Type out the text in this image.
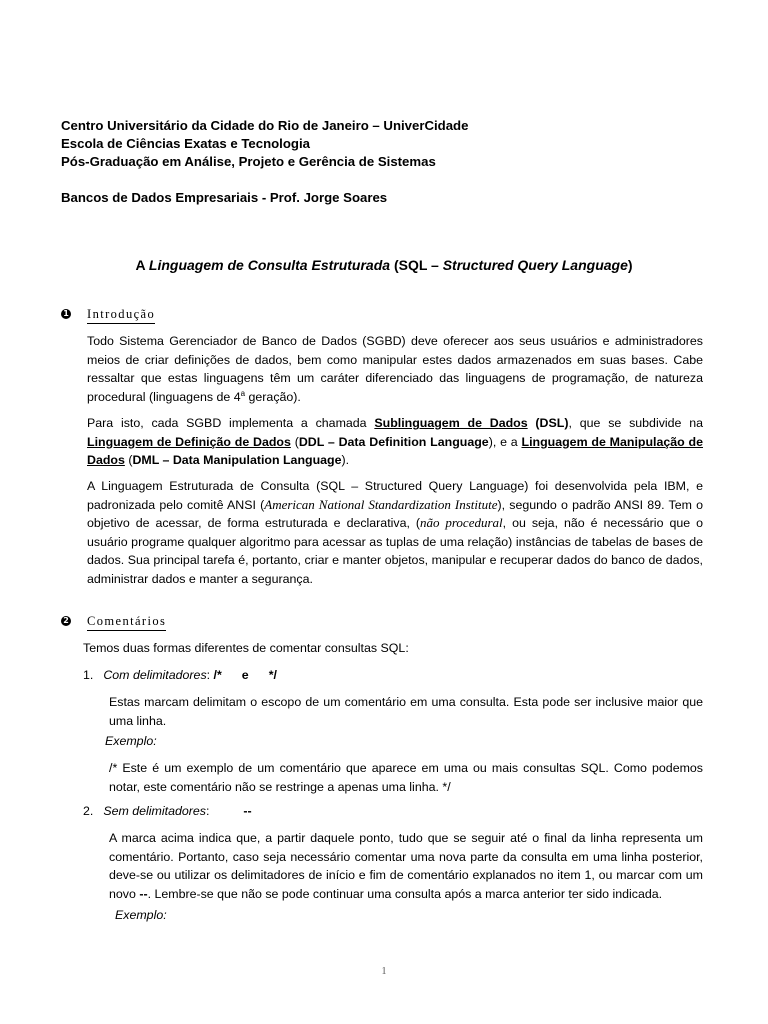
Centro Universitário da Cidade do Rio de Janeiro – UniverCidade

Escola de Ciências Exatas e Tecnologia

Pós-Graduação em Análise, Projeto e Gerência de Sistemas

Bancos de Dados Empresariais - Prof. Jorge Soares

A Linguagem de Consulta Estruturada (SQL – Structured Query Language)

1 Introdução

Todo Sistema Gerenciador de Banco de Dados (SGBD) deve oferecer aos seus usuários e administradores meios de criar definições de dados, bem como manipular estes dados armazenados em suas bases. Cabe ressaltar que estas linguagens têm um caráter diferenciado das linguagens de programação, de natureza procedural (linguagens de 4$^a$ geração).

Para isto, cada SGBD implementa a chamada Sublinguagem de Dados (DSL), que se subdivide na Linguagem de Definição de Dados (DDL – Data Definition Language), e a Linguagem de Manipulação de Dados (DML – Data Manipulation Language).

A Linguagem Estruturada de Consulta (SQL – Structured Query Language) foi desenvolvida pela IBM, e padronizada pelo comitê ANSI (American National Standardization Institute), segundo o padrão ANSI 89. Tem o objetivo de acessar, de forma estruturada e declarativa, (não procedural, ou seja, não é necessário que o usuário programe qualquer algoritmo para acessar as tuplas de uma relação) instâncias de tabelas de bases de dados. Sua principal tarefa é, portanto, criar e manter objetos, manipular e recuperar dados do banco de dados, administrar dados e manter a segurança.

2 Comentários

Temos duas formas diferentes de comentar consultas SQL:

1. Com delimitadores: /* e */

Estas marcam delimitam o escopo de um comentário em uma consulta. Esta pode ser inclusive maior que uma linha.

Exemplo:

/* Este é um exemplo de um comentário que aparece em uma ou mais consultas SQL. Como podemos notar, este comentário não se restringe a apenas uma linha. */

2. Sem delimitadores:	--

A marca acima indica que, a partir daquele ponto, tudo que se seguir até o final da linha representa um comentário. Portanto, caso seja necessário comentar uma nova parte da consulta em uma linha posterior, deve-se ou utilizar os delimitadores de início e fim de comentário explanados no item 1, ou marcar com um novo --. Lembre-se que não se pode continuar uma consulta após a marca anterior ter sido indicada.

Exemplo:

1
